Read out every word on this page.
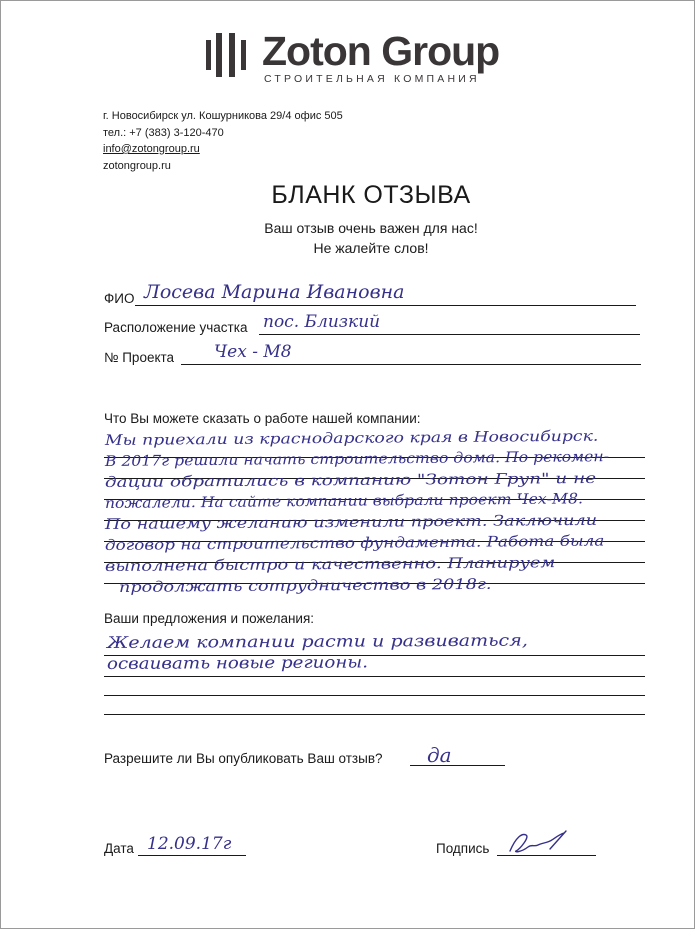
Zoton Group
СТРОИТЕЛЬНАЯ КОМПАНИЯ
г. Новосибирск ул. Кошурникова 29/4 офис 505
тел.: +7 (383) 3-120-470
info@zotongroup.ru
zotongroup.ru
БЛАНК ОТЗЫВА
Ваш отзыв очень важен для нас!
Не жалейте слов!
ФИО Лосева Марина Ивановна
Расположение участка пос. Близкий
№ Проекта Чех - М8
Что Вы можете сказать о работе нашей компании:
Мы приехали из краснодарского края в Новосибирск.
В 2017г решили начать строительство дома. По рекомен-
дации обратились в компанию "Зотон Груп" и не
пожалели. На сайте компании выбрали проект Чех-М8.
По нашему желанию изменили проект. Заключили
договор на строительство фундамента. Работа была
выполнена быстро и качественно. Планируем
продолжать сотрудничество в 2018г.
Ваши предложения и пожелания:
Желаем компании расти и развиваться,
осваивать новые регионы.
Разрешите ли Вы опубликовать Ваш отзыв? да
Дата 12.09.17г	Подпись
